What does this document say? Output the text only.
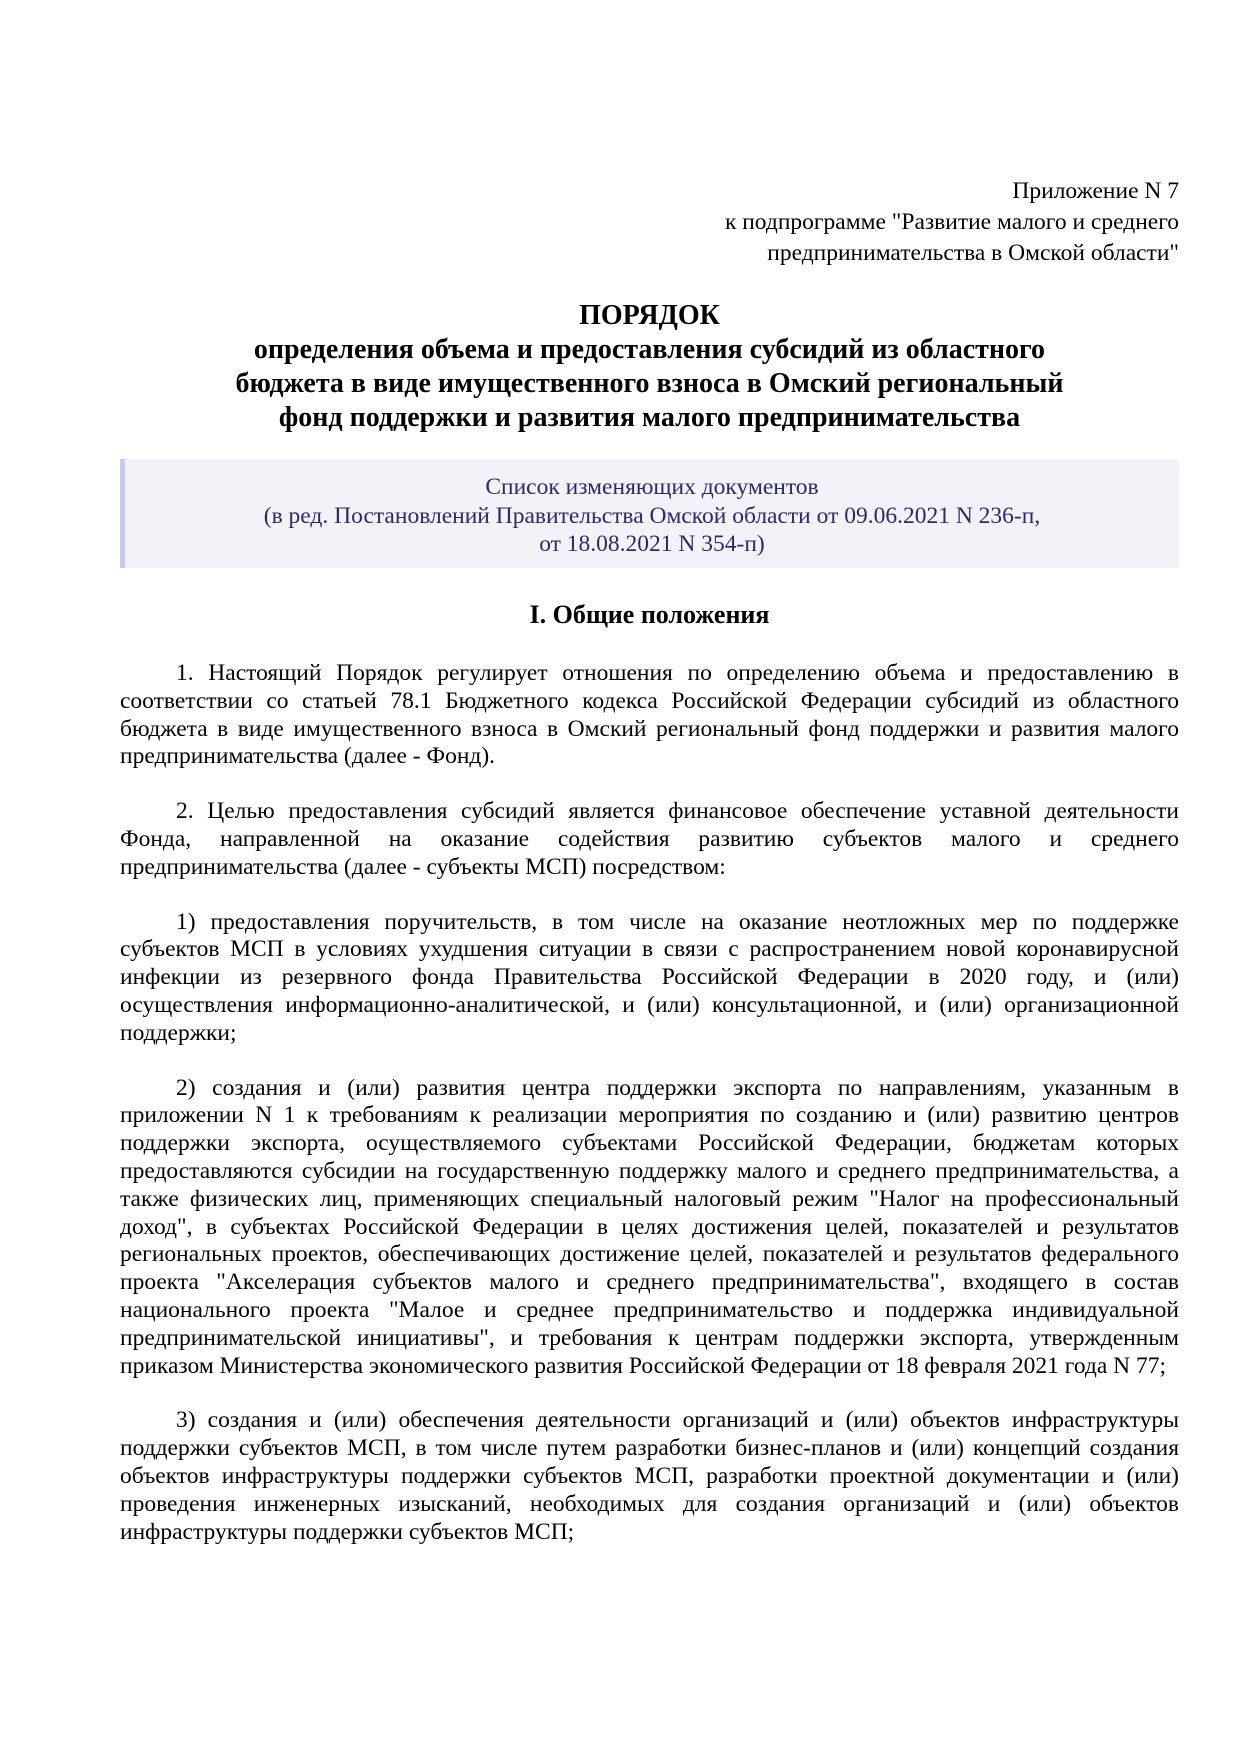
Приложение N 7
к подпрограмме "Развитие малого и среднего
предпринимательства в Омской области"
ПОРЯДОК
определения объема и предоставления субсидий из областного
бюджета в виде имущественного взноса в Омский региональный
фонд поддержки и развития малого предпринимательства
Список изменяющих документов
(в ред. Постановлений Правительства Омской области от 09.06.2021 N 236-п,
от 18.08.2021 N 354-п)
I. Общие положения

1. Настоящий Порядок регулирует отношения по определению объема и предоставлению в соответствии со статьей 78.1 Бюджетного кодекса Российской Федерации субсидий из областного бюджета в виде имущественного взноса в Омский региональный фонд поддержки и развития малого предпринимательства (далее - Фонд).

2. Целью предоставления субсидий является финансовое обеспечение уставной деятельности Фонда, направленной на оказание содействия развитию субъектов малого и среднего предпринимательства (далее - субъекты МСП) посредством:

1) предоставления поручительств, в том числе на оказание неотложных мер по поддержке субъектов МСП в условиях ухудшения ситуации в связи с распространением новой коронавирусной инфекции из резервного фонда Правительства Российской Федерации в 2020 году, и (или) осуществления информационно-аналитической, и (или) консультационной, и (или) организационной поддержки;

2) создания и (или) развития центра поддержки экспорта по направлениям, указанным в приложении N 1 к требованиям к реализации мероприятия по созданию и (или) развитию центров поддержки экспорта, осуществляемого субъектами Российской Федерации, бюджетам которых предоставляются субсидии на государственную поддержку малого и среднего предпринимательства, а также физических лиц, применяющих специальный налоговый режим "Налог на профессиональный доход", в субъектах Российской Федерации в целях достижения целей, показателей и результатов региональных проектов, обеспечивающих достижение целей, показателей и результатов федерального проекта "Акселерация субъектов малого и среднего предпринимательства", входящего в состав национального проекта "Малое и среднее предпринимательство и поддержка индивидуальной предпринимательской инициативы", и требования к центрам поддержки экспорта, утвержденным приказом Министерства экономического развития Российской Федерации от 18 февраля 2021 года N 77;

3) создания и (или) обеспечения деятельности организаций и (или) объектов инфраструктуры поддержки субъектов МСП, в том числе путем разработки бизнес-планов и (или) концепций создания объектов инфраструктуры поддержки субъектов МСП, разработки проектной документации и (или) проведения инженерных изысканий, необходимых для создания организаций и (или) объектов инфраструктуры поддержки субъектов МСП;
